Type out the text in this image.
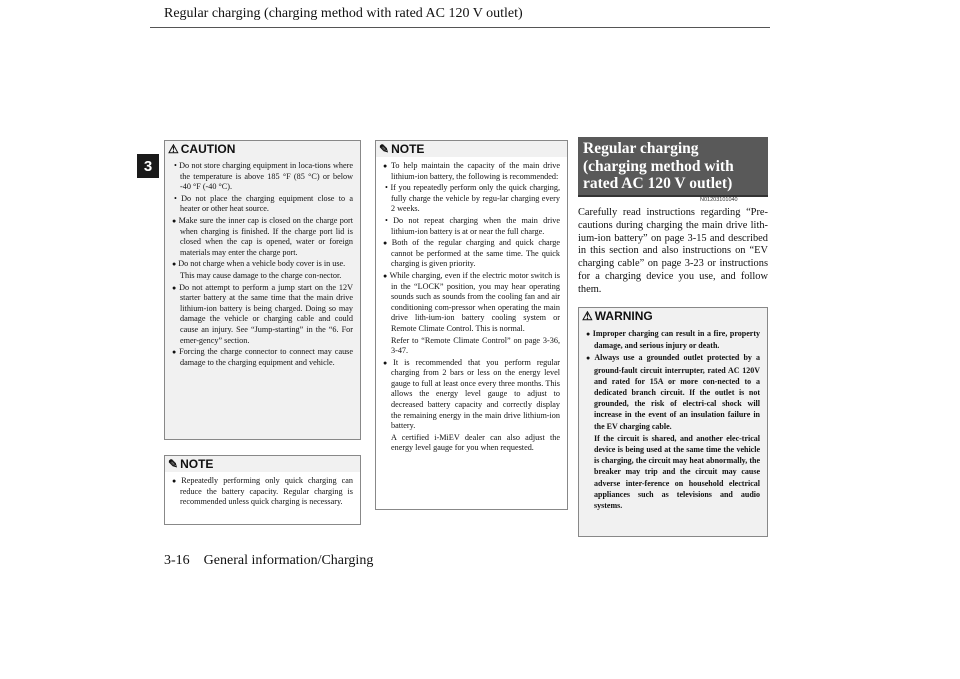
Regular charging (charging method with rated AC 120 V outlet)
3
⚠ CAUTION

• Do not store charging equipment in loca-tions where the temperature is above 185 °F (85 °C) or below -40 °F (-40 °C).

• Do not place the charging equipment close to a heater or other heat source.

● Make sure the inner cap is closed on the charge port when charging is finished. If the charge port lid is closed when the cap is opened, water or foreign materials may enter the charge port.

● Do not charge when a vehicle body cover is in use.

This may cause damage to the charge con-nector.

● Do not attempt to perform a jump start on the 12V starter battery at the same time that the main drive lithium-ion battery is being charged. Doing so may damage the vehicle or charging cable and could cause an injury. See “Jump-starting” in the “6. For emer-gency” section.

● Forcing the charge connector to connect may cause damage to the charging equipment and vehicle.

✎ NOTE

● Repeatedly performing only quick charging can reduce the battery capacity. Regular charging is recommended unless quick charging is necessary.

✎ NOTE

● To help maintain the capacity of the main drive lithium-ion battery, the following is recommended:

• If you repeatedly perform only the quick charging, fully charge the vehicle by regu-lar charging every 2 weeks.

• Do not repeat charging when the main drive lithium-ion battery is at or near the full charge.

● Both of the regular charging and quick charge cannot be performed at the same time. The quick charging is given priority.

● While charging, even if the electric motor switch is in the “LOCK” position, you may hear operating sounds such as sounds from the cooling fan and air conditioning com-pressor when operating the main drive lith-ium-ion battery cooling system or Remote Climate Control. This is normal.

Refer to “Remote Climate Control” on page 3-36, 3-47.

● It is recommended that you perform regular charging from 2 bars or less on the energy level gauge to full at least once every three months. This allows the energy level gauge to adjust to decreased battery capacity and correctly display the remaining energy in the main drive lithium-ion battery.

A certified i-MiEV dealer can also adjust the energy level gauge for you when requested.

Regular charging (charging method with rated AC 120 V outlet)
N01203101040
Carefully read instructions regarding “Pre-cautions during charging the main drive lith-ium-ion battery” on page 3-15 and described in this section and also instructions on “EV charging cable” on page 3-23 or instructions for a charging device you use, and follow them.
⚠ WARNING

● Improper charging can result in a fire, property damage, and serious injury or death.

● Always use a grounded outlet protected by a ground-fault circuit interrupter, rated AC 120V and rated for 15A or more con-nected to a dedicated branch circuit. If the outlet is not grounded, the risk of electri-cal shock will increase in the event of an insulation failure in the EV charging cable.

If the circuit is shared, and another elec-trical device is being used at the same time the vehicle is charging, the circuit may heat abnormally, the breaker may trip and the circuit may cause adverse inter-ference on household electrical appliances such as televisions and audio systems.

3-16 General information/Charging
